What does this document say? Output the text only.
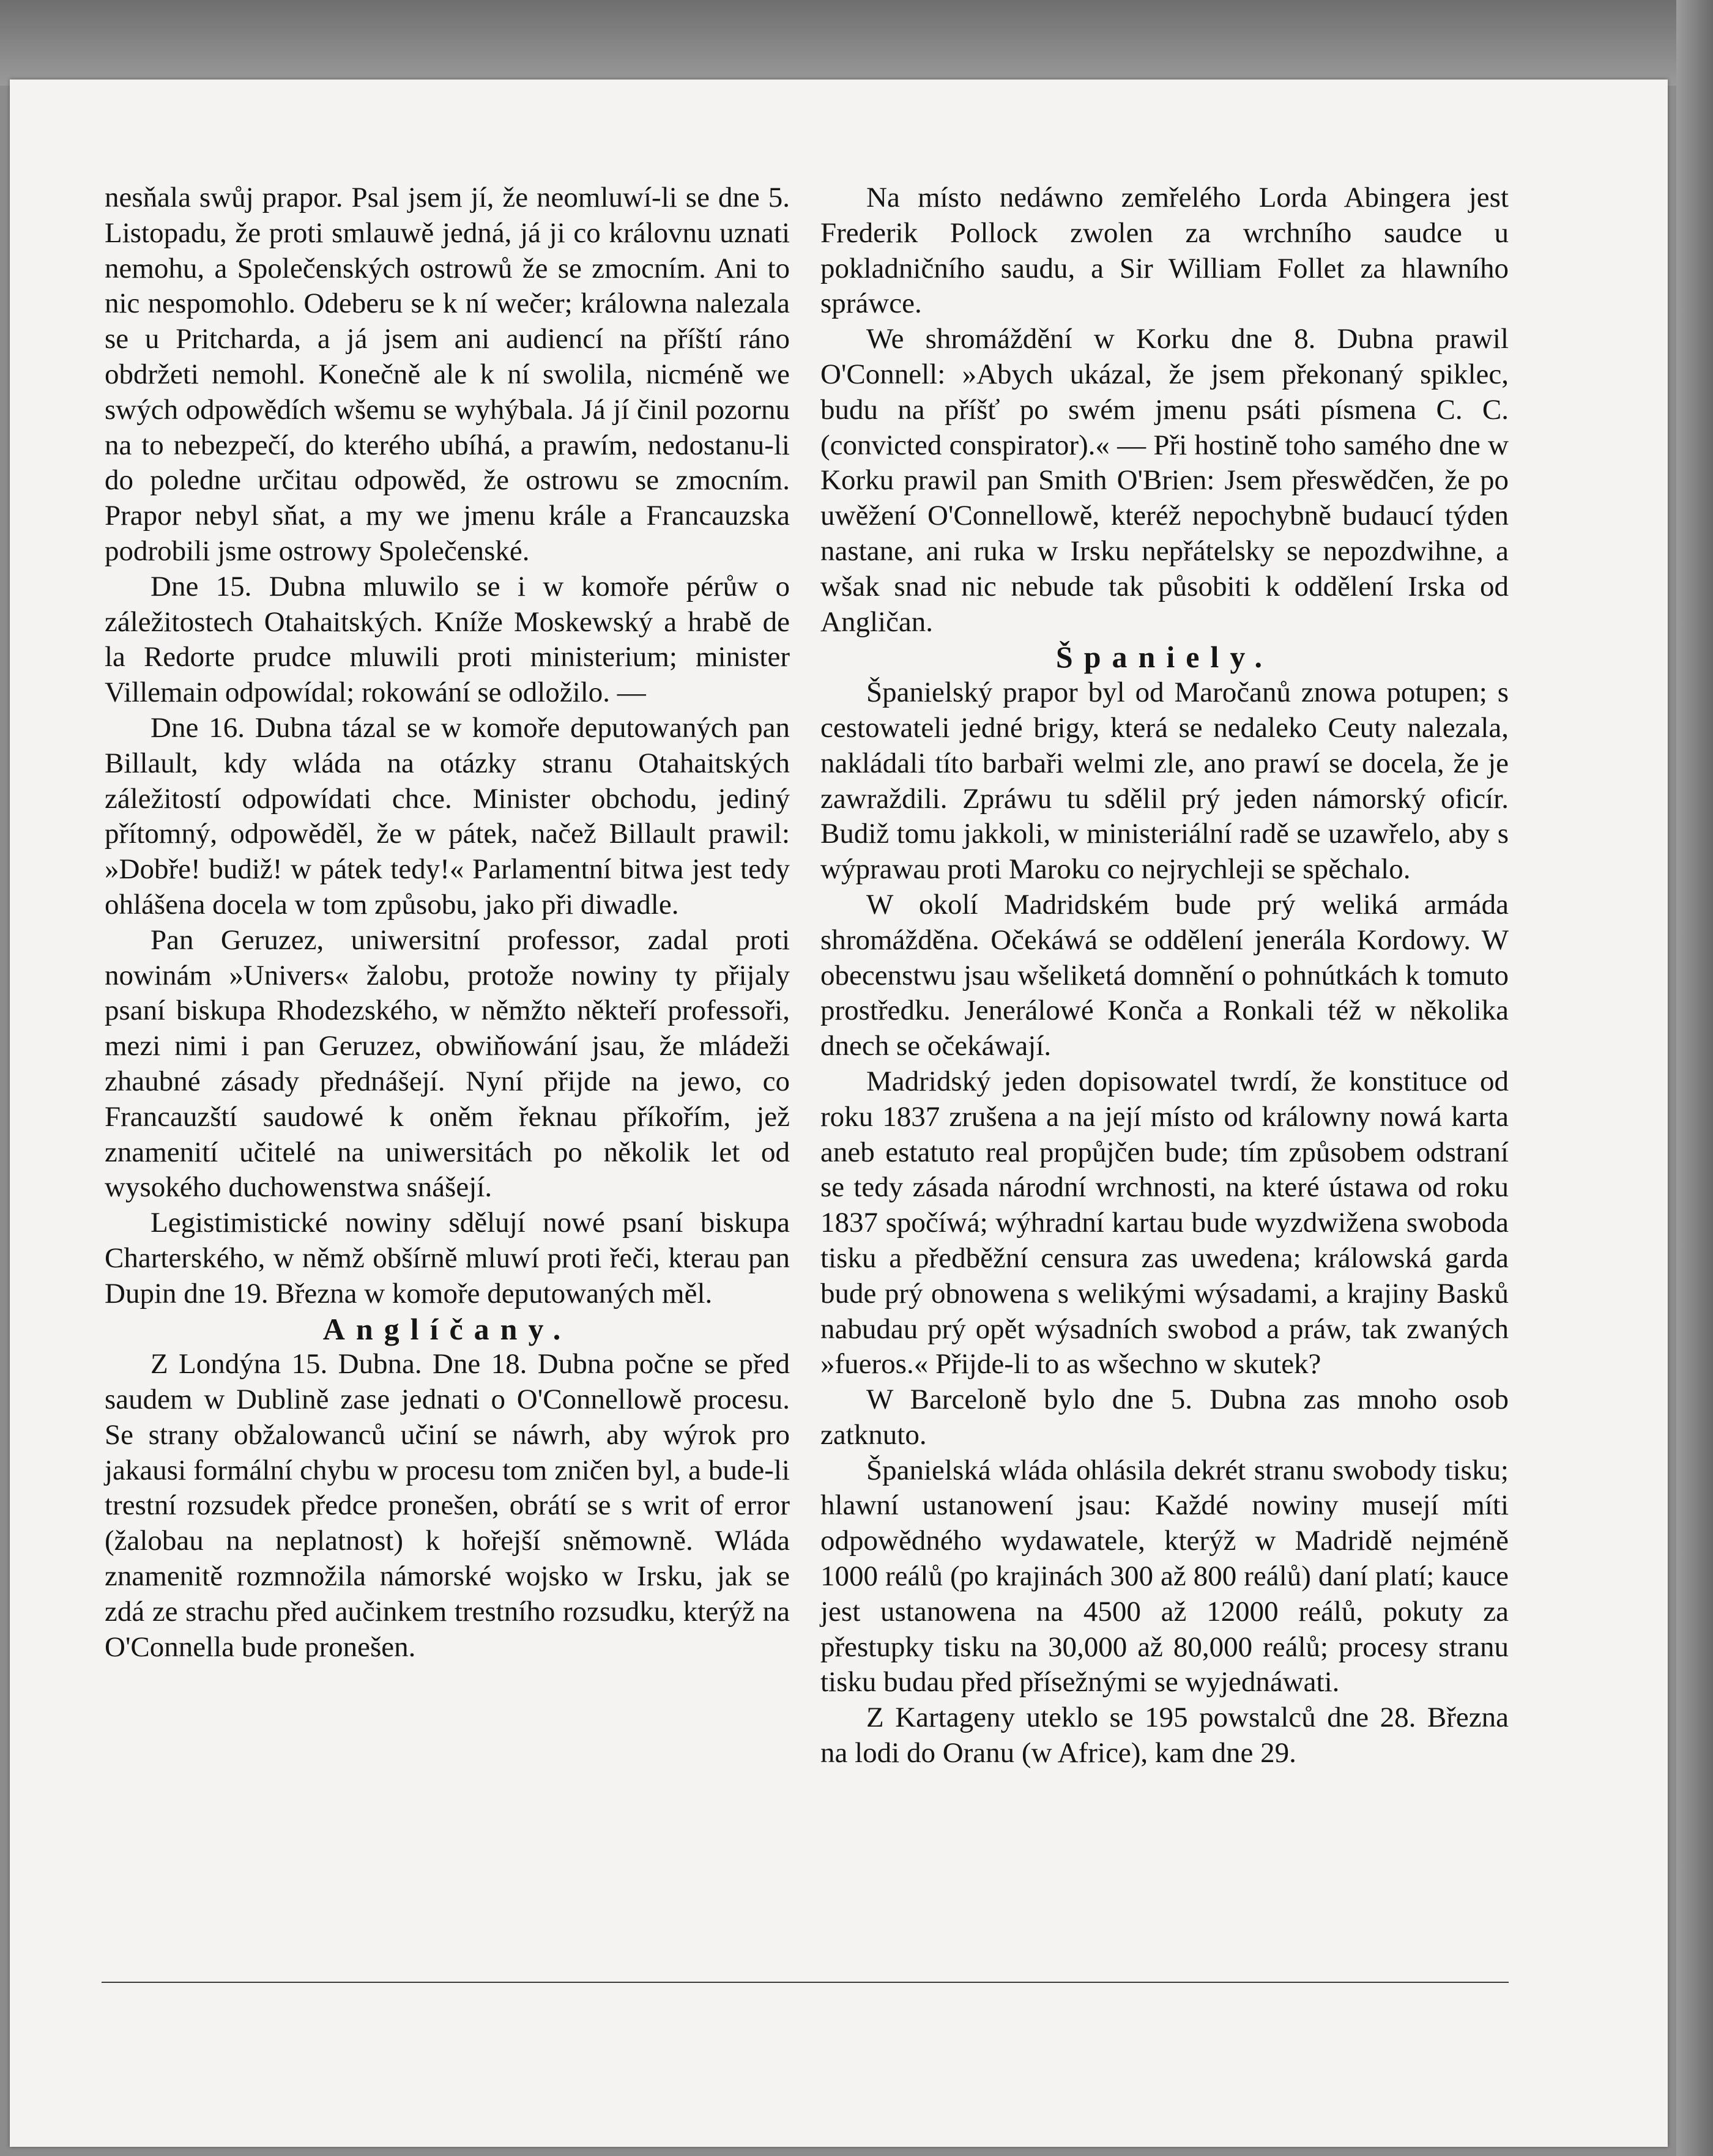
nesňala swůj prapor. Psal jsem jí, že neomluwí-li se dne 5. Listopadu, že proti smlauwě jedná, já ji co královnu uznati nemohu, a Společenských ostrowů že se zmocním. Ani to nic nespomohlo. Odeberu se k ní wečer; králowna nalezala se u Pritcharda, a já jsem ani audiencí na příští ráno obdržeti nemohl. Konečně ale k ní swolila, nicméně we swých odpowědích wšemu se wyhýbala. Já jí činil pozornu na to nebezpečí, do kterého ubíhá, a prawím, nedostanu-li do poledne určitau odpowěd, že ostrowu se zmocním. Prapor nebyl sňat, a my we jmenu krále a Francauzska podrobili jsme ostrowy Společenské.

Dne 15. Dubna mluwilo se i w komoře pérůw o záležitostech Otahaitských. Kníže Moskewský a hrabě de la Redorte prudce mluwili proti ministerium; minister Villemain odpowídal; rokowání se odložilo. —

Dne 16. Dubna tázal se w komoře deputowaných pan Billault, kdy wláda na otázky stranu Otahaitských záležitostí odpowídati chce. Minister obchodu, jediný přítomný, odpowěděl, že w pátek, načež Billault prawil: »Dobře! budiž! w pátek tedy!« Parlamentní bitwa jest tedy ohlášena docela w tom způsobu, jako při diwadle.

Pan Geruzez, uniwersitní professor, zadal proti nowinám »Univers« žalobu, protože nowiny ty přijaly psaní biskupa Rhodezského, w němžto někteří professoři, mezi nimi i pan Geruzez, obwiňowání jsau, že mládeži zhaubné zásady přednášejí. Nyní přijde na jewo, co Francauzští saudowé k oněm řeknau příkořím, jež znamenití učitelé na uniwersitách po několik let od wysokého duchowenstwa snášejí.

Legistimistické nowiny sdělují nowé psaní biskupa Charterského, w němž obšírně mluwí proti řeči, kterau pan Dupin dne 19. Března w komoře deputowaných měl.

Anglíčany.

Z Londýna 15. Dubna. Dne 18. Dubna počne se před saudem w Dublině zase jednati o O'Connellowě procesu. Se strany obžalowanců učiní se náwrh, aby wýrok pro jakausi formální chybu w procesu tom zničen byl, a bude-li trestní rozsudek předce pronešen, obrátí se s writ of error (žalobau na neplatnost) k hořejší sněmowně. Wláda znamenitě rozmnožila námorské wojsko w Irsku, jak se zdá ze strachu před aučinkem trestního rozsudku, kterýž na O'Connella bude pronešen.

Na místo nedáwno zemřelého Lorda Abingera jest Frederik Pollock zwolen za wrchního saudce u pokladničního saudu, a Sir William Follet za hlawního spráwce.

We shromáždění w Korku dne 8. Dubna prawil O'Connell: »Abych ukázal, že jsem překonaný spiklec, budu na příšť po swém jmenu psáti písmena C. C. (convicted conspirator).« — Při hostině toho samého dne w Korku prawil pan Smith O'Brien: Jsem přeswědčen, že po uwěžení O'Connellowě, kteréž nepochybně budaucí týden nastane, ani ruka w Irsku nepřátelsky se nepozdwihne, a wšak snad nic nebude tak působiti k oddělení Irska od Angličan.

Španiely.

Španielský prapor byl od Maročanů znowa potupen; s cestowateli jedné brigy, která se nedaleko Ceuty nalezala, nakládali títo barbaři welmi zle, ano prawí se docela, že je zawraždili. Zpráwu tu sdělil prý jeden námorský oficír. Budiž tomu jakkoli, w ministeriální radě se uzawřelo, aby s wýprawau proti Maroku co nejrychleji se spěchalo.

W okolí Madridském bude prý weliká armáda shromážděna. Očekáwá se oddělení jenerála Kordowy. W obecenstwu jsau wšeliketá domnění o pohnútkách k tomuto prostředku. Jenerálowé Konča a Ronkali též w několika dnech se očekáwají.

Madridský jeden dopisowatel twrdí, že konstituce od roku 1837 zrušena a na její místo od králowny nowá karta aneb estatuto real propůjčen bude; tím způsobem odstraní se tedy zásada národní wrchnosti, na které ústawa od roku 1837 spočíwá; wýhradní kartau bude wyzdwižena swoboda tisku a předběžní censura zas uwedena; králowská garda bude prý obnowena s welikými wýsadami, a krajiny Basků nabudau prý opět wýsadních swobod a práw, tak zwaných »fueros.« Přijde-li to as wšechno w skutek?

W Barceloně bylo dne 5. Dubna zas mnoho osob zatknuto.

Španielská wláda ohlásila dekrét stranu swobody tisku; hlawní ustanowení jsau: Každé nowiny musejí míti odpowědného wydawatele, kterýž w Madridě nejméně 1000 reálů (po krajinách 300 až 800 reálů) daní platí; kauce jest ustanowena na 4500 až 12000 reálů, pokuty za přestupky tisku na 30,000 až 80,000 reálů; procesy stranu tisku budau před přísežnými se wyjednáwati.

Z Kartageny uteklo se 195 powstalců dne 28. Března na lodi do Oranu (w Africe), kam dne 29.
